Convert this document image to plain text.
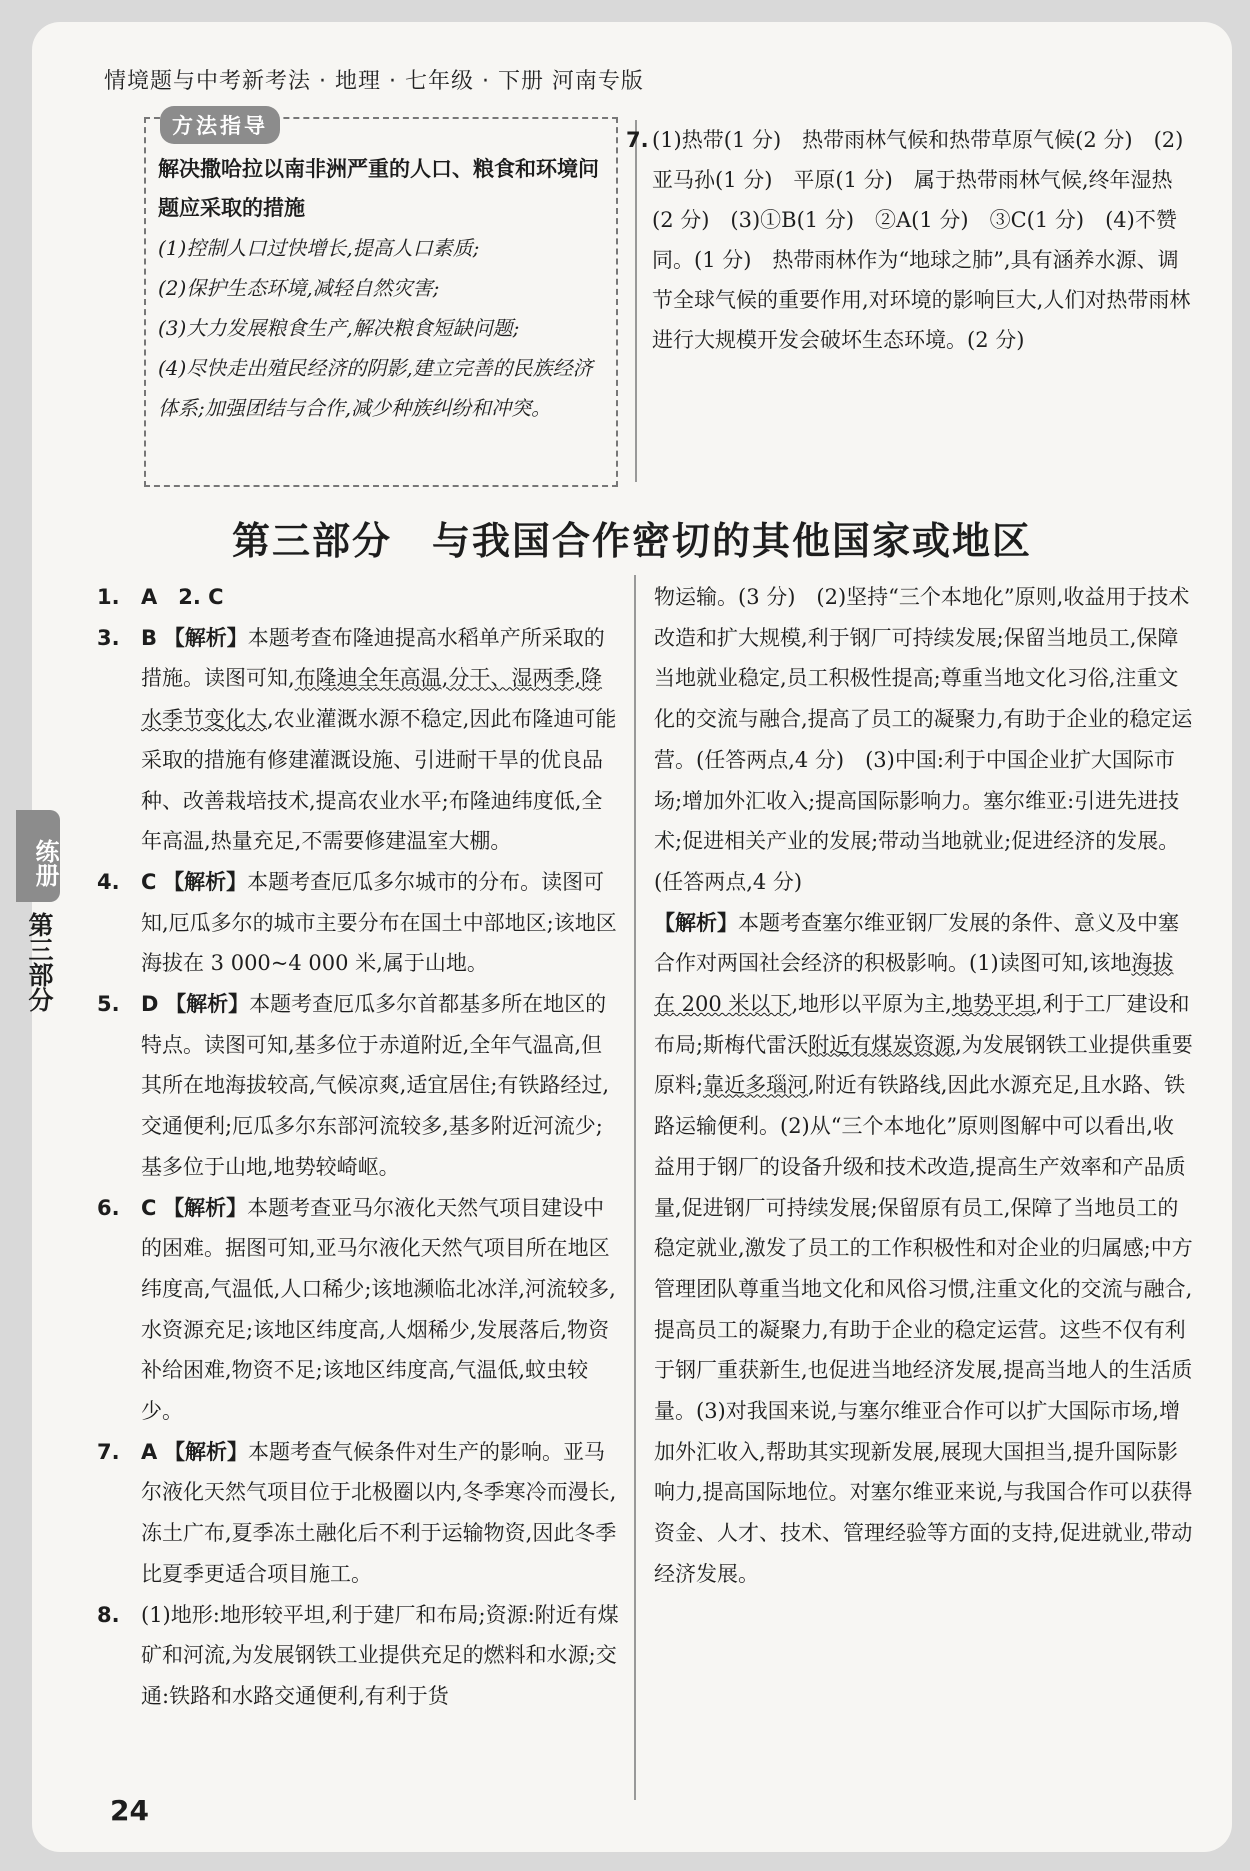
情境题与中考新考法 · 地理 · 七年级 · 下册 河南专版
方法指导
解决撒哈拉以南非洲严重的人口、粮食和环境问题应采取的措施

(1)控制人口过快增长,提高人口素质;

(2)保护生态环境,减轻自然灾害;

(3)大力发展粮食生产,解决粮食短缺问题;

(4)尽快走出殖民经济的阴影,建立完善的民族经济体系;加强团结与合作,减少种族纠纷和冲突。

7. (1)热带(1 分)　热带雨林气候和热带草原气候(2 分)　(2)亚马孙(1 分)　平原(1 分)　属于热带雨林气候,终年湿热(2 分)　(3)①B(1 分)　②A(1 分)　③C(1 分)　(4)不赞同。(1 分)　热带雨林作为“地球之肺”,具有涵养水源、调节全球气候的重要作用,对环境的影响巨大,人们对热带雨林进行大规模开发会破坏生态环境。(2 分)
第三部分　与我国合作密切的其他国家或地区

1. A　2. C

3. B 【解析】本题考查布隆迪提高水稻单产所采取的措施。读图可知,布隆迪全年高温,分干、湿两季,降水季节变化大,农业灌溉水源不稳定,因此布隆迪可能采取的措施有修建灌溉设施、引进耐干旱的优良品种、改善栽培技术,提高农业水平;布隆迪纬度低,全年高温,热量充足,不需要修建温室大棚。

4. C 【解析】本题考查厄瓜多尔城市的分布。读图可知,厄瓜多尔的城市主要分布在国土中部地区;该地区海拔在 3 000~4 000 米,属于山地。

5. D 【解析】本题考查厄瓜多尔首都基多所在地区的特点。读图可知,基多位于赤道附近,全年气温高,但其所在地海拔较高,气候凉爽,适宜居住;有铁路经过,交通便利;厄瓜多尔东部河流较多,基多附近河流少;基多位于山地,地势较崎岖。

6. C 【解析】本题考查亚马尔液化天然气项目建设中的困难。据图可知,亚马尔液化天然气项目所在地区纬度高,气温低,人口稀少;该地濒临北冰洋,河流较多,水资源充足;该地区纬度高,人烟稀少,发展落后,物资补给困难,物资不足;该地区纬度高,气温低,蚊虫较少。

7. A 【解析】本题考查气候条件对生产的影响。亚马尔液化天然气项目位于北极圈以内,冬季寒冷而漫长,冻土广布,夏季冻土融化后不利于运输物资,因此冬季比夏季更适合项目施工。

8. (1)地形:地形较平坦,利于建厂和布局;资源:附近有煤矿和河流,为发展钢铁工业提供充足的燃料和水源;交通:铁路和水路交通便利,有利于货

物运输。(3 分)　(2)坚持“三个本地化”原则,收益用于技术改造和扩大规模,利于钢厂可持续发展;保留当地员工,保障当地就业稳定,员工积极性提高;尊重当地文化习俗,注重文化的交流与融合,提高了员工的凝聚力,有助于企业的稳定运营。(任答两点,4 分)　(3)中国:利于中国企业扩大国际市场;增加外汇收入;提高国际影响力。塞尔维亚:引进先进技术;促进相关产业的发展;带动当地就业;促进经济的发展。(任答两点,4 分)

【解析】本题考查塞尔维亚钢厂发展的条件、意义及中塞合作对两国社会经济的积极影响。(1)读图可知,该地海拔在 200 米以下,地形以平原为主,地势平坦,利于工厂建设和布局;斯梅代雷沃附近有煤炭资源,为发展钢铁工业提供重要原料;靠近多瑙河,附近有铁路线,因此水源充足,且水路、铁路运输便利。(2)从“三个本地化”原则图解中可以看出,收益用于钢厂的设备升级和技术改造,提高生产效率和产品质量,促进钢厂可持续发展;保留原有员工,保障了当地员工的稳定就业,激发了员工的工作积极性和对企业的归属感;中方管理团队尊重当地文化和风俗习惯,注重文化的交流与融合,提高员工的凝聚力,有助于企业的稳定运营。这些不仅有利于钢厂重获新生,也促进当地经济发展,提高当地人的生活质量。(3)对我国来说,与塞尔维亚合作可以扩大国际市场,增加外汇收入,帮助其实现新发展,展现大国担当,提升国际影响力,提高国际地位。对塞尔维亚来说,与我国合作可以获得资金、人才、技术、管理经验等方面的支持,促进就业,带动经济发展。

24
练册
第三部分
